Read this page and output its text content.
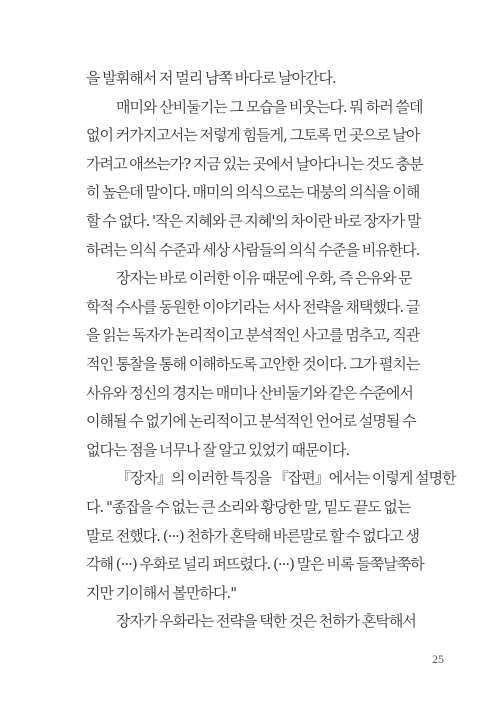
을 발휘해서 저 멀리 남쪽 바다로 날아간다.

매미와 산비둘기는 그 모습을 비웃는다. 뭐 하러 쓸데
없이 커가지고서는 저렇게 힘들게, 그토록 먼 곳으로 날아
가려고 애쓰는가? 지금 있는 곳에서 날아다니는 것도 충분
히 높은데 말이다. 매미의 의식으로는 대붕의 의식을 이해
할 수 없다. '작은 지혜와 큰 지혜'의 차이란 바로 장자가 말
하려는 의식 수준과 세상 사람들의 의식 수준을 비유한다.

장자는 바로 이러한 이유 때문에 우화, 즉 은유와 문
학적 수사를 동원한 이야기라는 서사 전략을 채택했다. 글
을 읽는 독자가 논리적이고 분석적인 사고를 멈추고, 직관
적인 통찰을 통해 이해하도록 고안한 것이다. 그가 펼치는
사유와 정신의 경지는 매미나 산비둘기와 같은 수준에서
이해될 수 없기에 논리적이고 분석적인 언어로 설명될 수
없다는 점을 너무나 잘 알고 있었기 때문이다.

『장자』의 이러한 특징을 『잡편』에서는 이렇게 설명한
다. "종잡을 수 없는 큰 소리와 황당한 말, 밑도 끝도 없는
말로 전했다. (···) 천하가 혼탁해 바른말로 할 수 없다고 생
각해 (···) 우화로 널리 퍼뜨렸다. (···) 말은 비록 들쭉날쭉하
지만 기이해서 볼만하다."

장자가 우화라는 전략을 택한 것은 천하가 혼탁해서

25
